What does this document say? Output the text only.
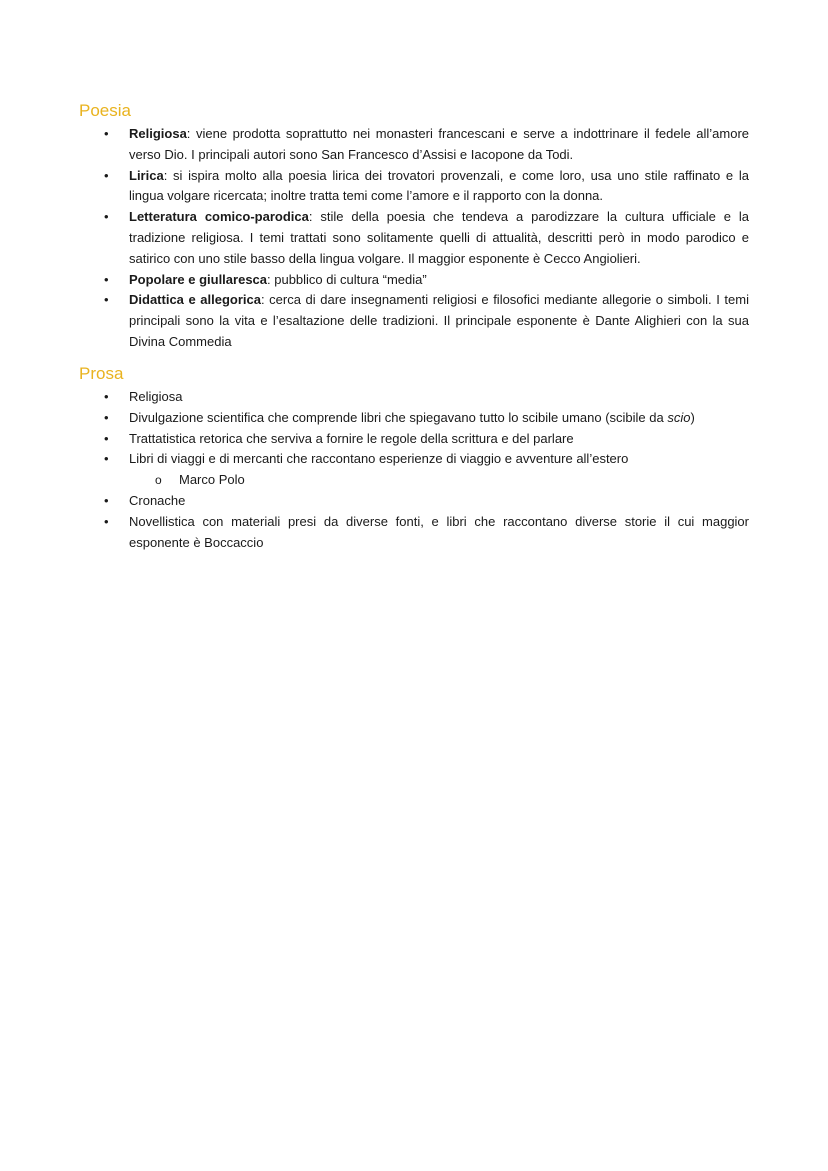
Poesia
• Religiosa: viene prodotta soprattutto nei monasteri francescani e serve a indottrinare il fedele all’amore verso Dio. I principali autori sono San Francesco d’Assisi e Iacopone da Todi.
• Lirica: si ispira molto alla poesia lirica dei trovatori provenzali, e come loro, usa uno stile raffinato e la lingua volgare ricercata; inoltre tratta temi come l’amore e il rapporto con la donna.
• Letteratura comico-parodica: stile della poesia che tendeva a parodizzare la cultura ufficiale e la tradizione religiosa. I temi trattati sono solitamente quelli di attualità, descritti però in modo parodico e satirico con uno stile basso della lingua volgare. Il maggior esponente è Cecco Angiolieri.
• Popolare e giullaresca: pubblico di cultura “media”
• Didattica e allegorica: cerca di dare insegnamenti religiosi e filosofici mediante allegorie o simboli. I temi principali sono la vita e l’esaltazione delle tradizioni. Il principale esponente è Dante Alighieri con la sua Divina Commedia
Prosa
• Religiosa
• Divulgazione scientifica che comprende libri che spiegavano tutto lo scibile umano (scibile da scio)
• Trattatistica retorica che serviva a fornire le regole della scrittura e del parlare
• Libri di viaggi e di mercanti che raccontano esperienze di viaggio e avventure all’estero
o Marco Polo
• Cronache
• Novellistica con materiali presi da diverse fonti, e libri che raccontano diverse storie il cui maggior esponente è Boccaccio
